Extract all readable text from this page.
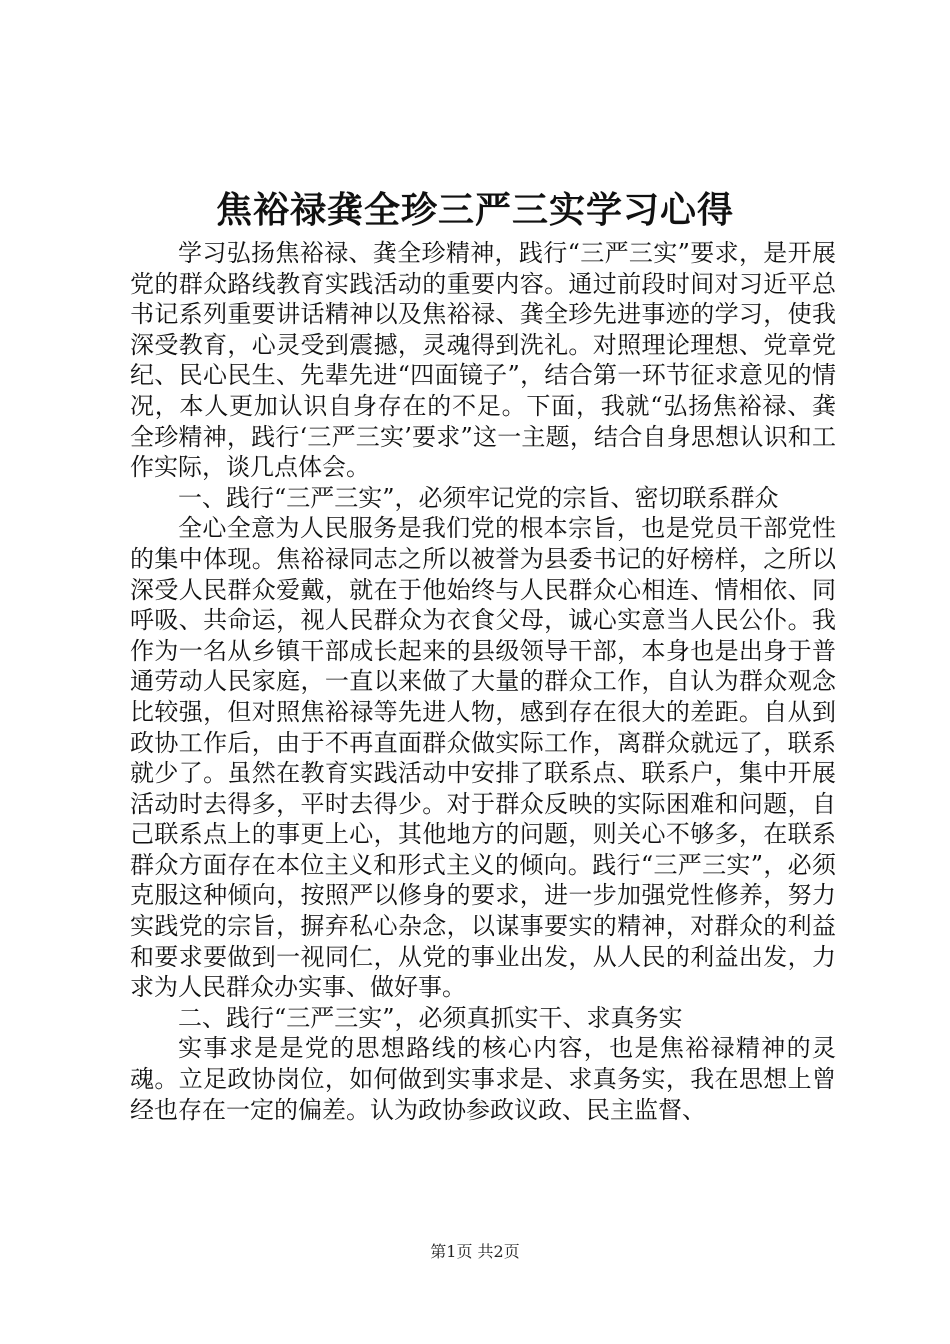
焦裕禄龚全珍三严三实学习心得

学习弘扬焦裕禄、龚全珍精神，践行“三严三实”要求，是开展党的群众路线教育实践活动的重要内容。通过前段时间对习近平总书记系列重要讲话精神以及焦裕禄、龚全珍先进事迹的学习，使我深受教育，心灵受到震撼，灵魂得到洗礼。对照理论理想、党章党纪、民心民生、先辈先进“四面镜子”，结合第一环节征求意见的情况，本人更加认识自身存在的不足。下面，我就“弘扬焦裕禄、龚全珍精神，践行‘三严三实’要求”这一主题，结合自身思想认识和工作实际，谈几点体会。

一、践行“三严三实”，必须牢记党的宗旨、密切联系群众

全心全意为人民服务是我们党的根本宗旨，也是党员干部党性的集中体现。焦裕禄同志之所以被誉为县委书记的好榜样，之所以深受人民群众爱戴，就在于他始终与人民群众心相连、情相依、同呼吸、共命运，视人民群众为衣食父母，诚心实意当人民公仆。我作为一名从乡镇干部成长起来的县级领导干部，本身也是出身于普通劳动人民家庭，一直以来做了大量的群众工作，自认为群众观念比较强，但对照焦裕禄等先进人物，感到存在很大的差距。自从到政协工作后，由于不再直面群众做实际工作，离群众就远了，联系就少了。虽然在教育实践活动中安排了联系点、联系户，集中开展活动时去得多，平时去得少。对于群众反映的实际困难和问题，自己联系点上的事更上心，其他地方的问题，则关心不够多，在联系群众方面存在本位主义和形式主义的倾向。践行“三严三实”，必须克服这种倾向，按照严以修身的要求，进一步加强党性修养，努力实践党的宗旨，摒弃私心杂念，以谋事要实的精神，对群众的利益和要求要做到一视同仁，从党的事业出发，从人民的利益出发，力求为人民群众办实事、做好事。

二、践行“三严三实”，必须真抓实干、求真务实

实事求是是党的思想路线的核心内容，也是焦裕禄精神的灵魂。立足政协岗位，如何做到实事求是、求真务实，我在思想上曾经也存在一定的偏差。认为政协参政议政、民主监督、

第1页 共2页
